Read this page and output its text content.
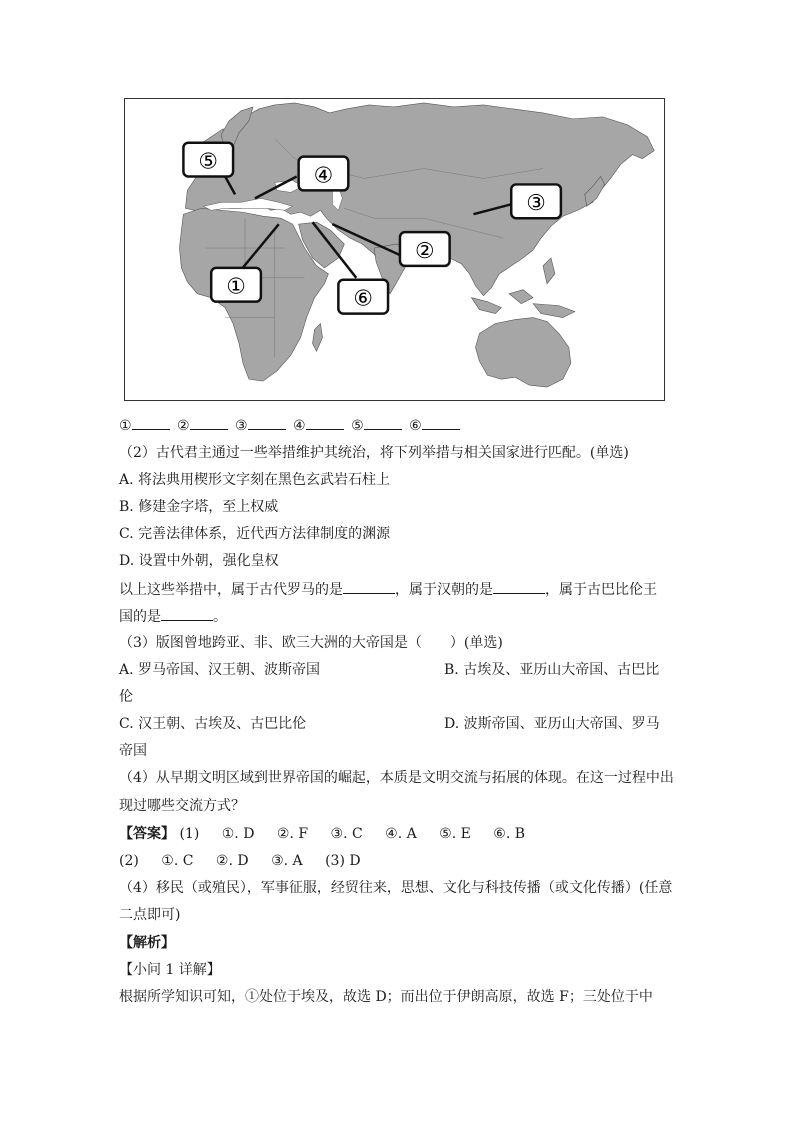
⑤
④
③
②
⑥
①
①	②	③	④	⑤	⑥
（2）古代君主通过一些举措维护其统治，将下列举措与相关国家进行匹配。(单选)
A. 将法典用楔形文字刻在黑色玄武岩石柱上
B. 修建金字塔，至上权威
C. 完善法律体系，近代西方法律制度的渊源
D. 设置中外朝，强化皇权
以上这些举措中，属于古代罗马的是	，属于汉朝的是	，属于古巴比伦王
国的是	。
（3）版图曾地跨亚、非、欧三大洲的大帝国是（　　）(单选)
A. 罗马帝国、汉王朝、波斯帝国	B. 古埃及、亚历山大帝国、古巴比
伦
C. 汉王朝、古埃及、古巴比伦	D. 波斯帝国、亚历山大帝国、罗马
帝国
（4）从早期文明区域到世界帝国的崛起，本质是文明交流与拓展的体现。在这一过程中出
现过哪些交流方式？
【答案】 (1) ①. D ②. F ③. C ④. A ⑤. E ⑥. B
(2) ①. C ②. D ③. A (3) D
（4）移民（或殖民），军事征服，经贸往来，思想、文化与科技传播（或文化传播）(任意
二点即可)
【解析】
【小问 1 详解】
根据所学知识可知，①处位于埃及，故选 D；而出位于伊朗高原，故选 F；三处位于中
